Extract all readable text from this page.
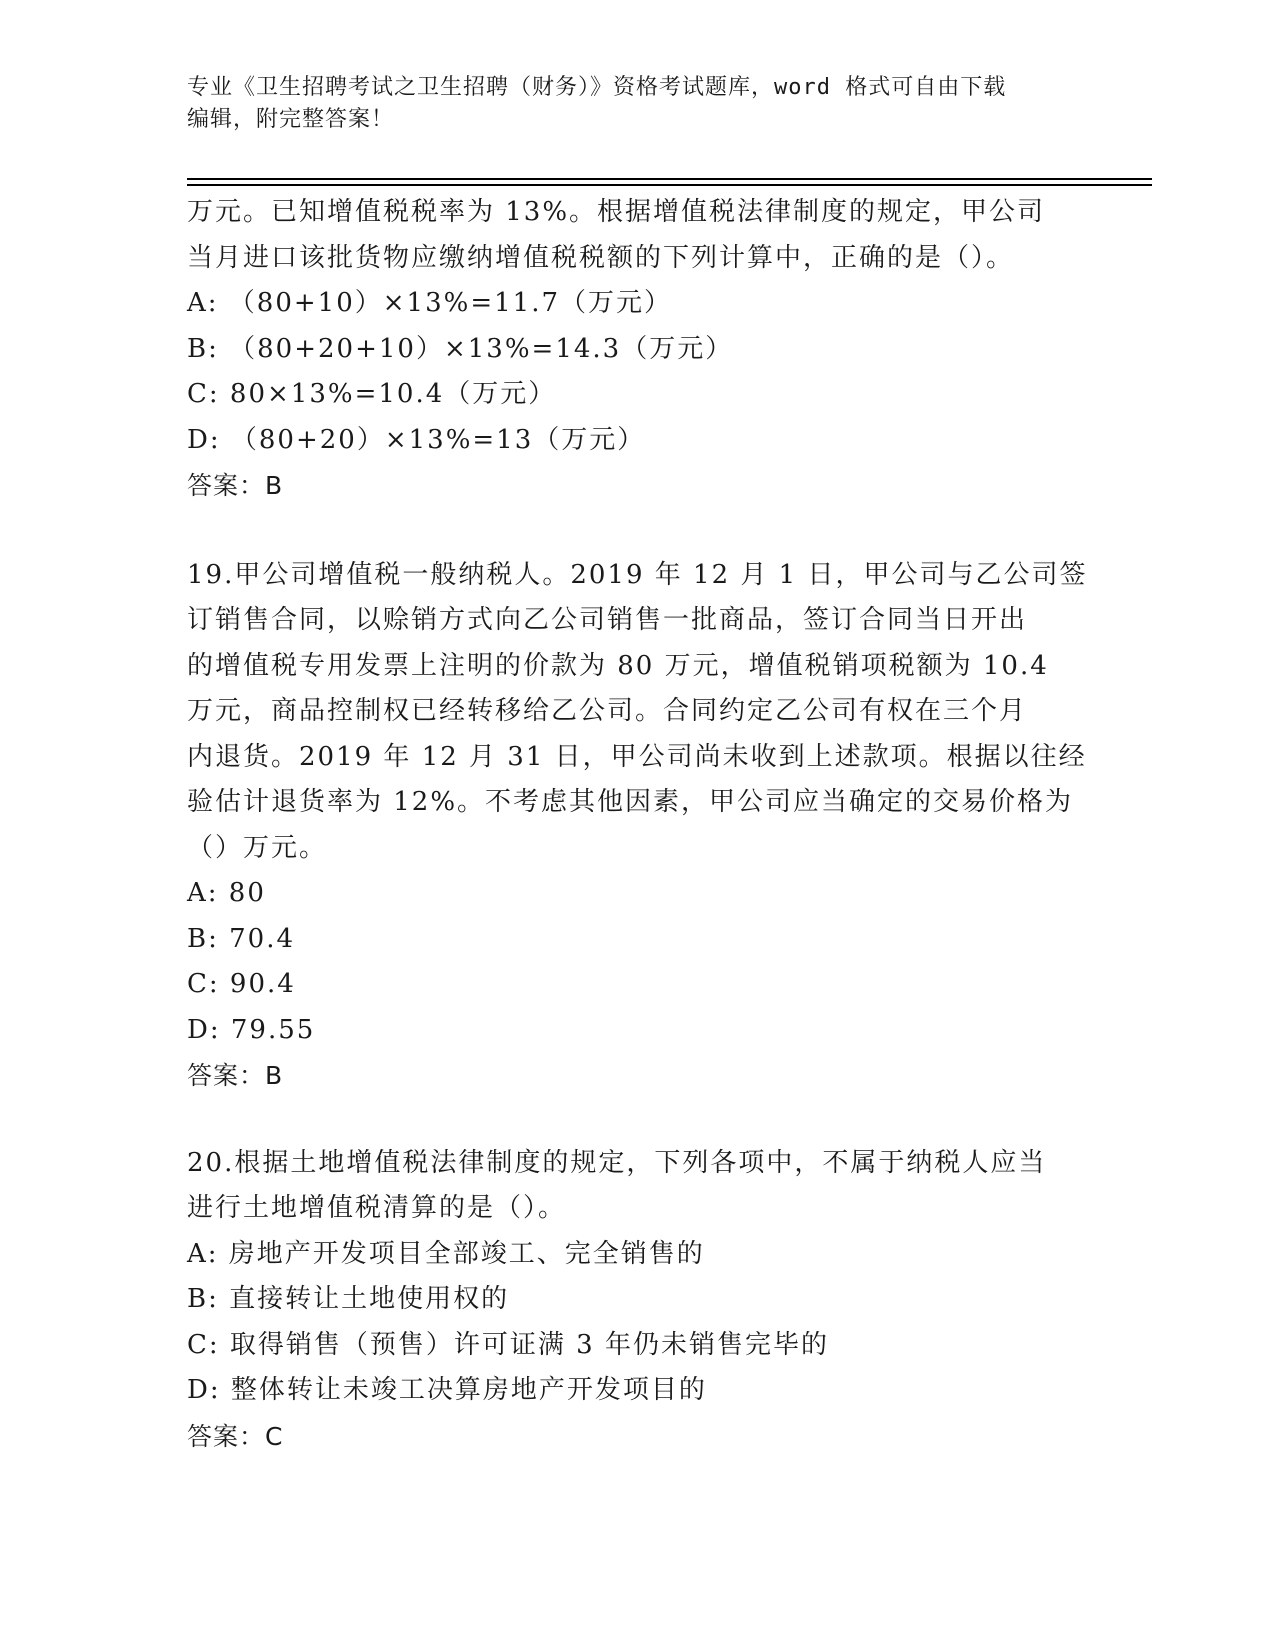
专业《卫生招聘考试之卫生招聘（财务）》资格考试题库，word 格式可自由下载
编辑，附完整答案！
万元。已知增值税税率为 13%。根据增值税法律制度的规定，甲公司
当月进口该批货物应缴纳增值税税额的下列计算中，正确的是（）。
A: （80+10）×13%=11.7（万元）
B: （80+20+10）×13%=14.3（万元）
C: 80×13%=10.4（万元）
D: （80+20）×13%=13（万元）
答案：B
19.甲公司增值税一般纳税人。2019 年 12 月 1 日，甲公司与乙公司签
订销售合同，以赊销方式向乙公司销售一批商品，签订合同当日开出
的增值税专用发票上注明的价款为 80 万元，增值税销项税额为 10.4
万元，商品控制权已经转移给乙公司。合同约定乙公司有权在三个月
内退货。2019 年 12 月 31 日，甲公司尚未收到上述款项。根据以往经
验估计退货率为 12%。不考虑其他因素，甲公司应当确定的交易价格为
（）万元。
A: 80
B: 70.4
C: 90.4
D: 79.55
答案：B
20.根据土地增值税法律制度的规定，下列各项中，不属于纳税人应当
进行土地增值税清算的是（）。
A: 房地产开发项目全部竣工、完全销售的
B: 直接转让土地使用权的
C: 取得销售（预售）许可证满 3 年仍未销售完毕的
D: 整体转让未竣工决算房地产开发项目的
答案：C
